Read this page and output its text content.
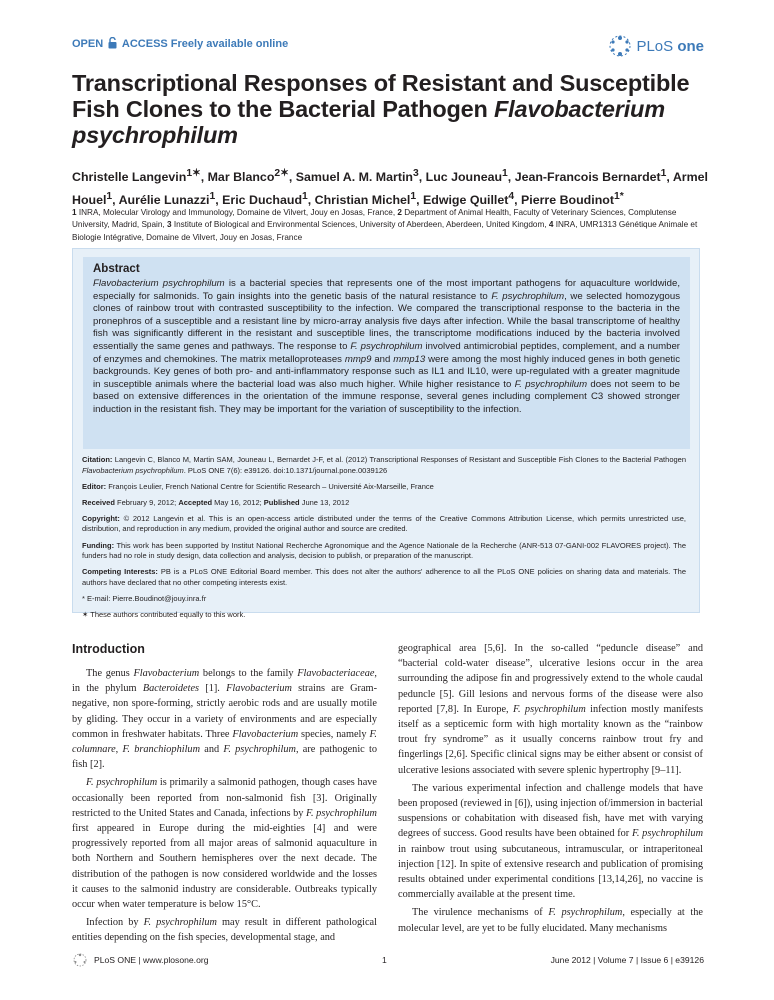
OPEN ACCESS Freely available online	PLoS one
Transcriptional Responses of Resistant and Susceptible Fish Clones to the Bacterial Pathogen Flavobacterium psychrophilum

Christelle Langevin$^{1✶}$, Mar Blanco$^{2✶}$, Samuel A. M. Martin$^3$, Luc Jouneau$^1$, Jean-Francois Bernardet$^1$, Armel Houel$^1$, Aurélie Lunazzi$^1$, Eric Duchaud$^1$, Christian Michel$^1$, Edwige Quillet$^4$, Pierre Boudinot$^{1*}$

1 INRA, Molecular Virology and Immunology, Domaine de Vilvert, Jouy en Josas, France, 2 Department of Animal Health, Faculty of Veterinary Sciences, Complutense University, Madrid, Spain, 3 Institute of Biological and Environmental Sciences, University of Aberdeen, Aberdeen, United Kingdom, 4 INRA, UMR1313 Génétique Animale et Biologie Intégrative, Domaine de Vilvert, Jouy en Josas, France

Abstract

Flavobacterium psychrophilum is a bacterial species that represents one of the most important pathogens for aquaculture worldwide, especially for salmonids. To gain insights into the genetic basis of the natural resistance to F. psychrophilum, we selected homozygous clones of rainbow trout with contrasted susceptibility to the infection. We compared the transcriptional response to the bacteria in the pronephros of a susceptible and a resistant line by micro-array analysis five days after infection. While the basal transcriptome of healthy fish was significantly different in the resistant and susceptible lines, the transcriptome modifications induced by the bacteria involved essentially the same genes and pathways. The response to F. psychrophilum involved antimicrobial peptides, complement, and a number of enzymes and chemokines. The matrix metalloproteases mmp9 and mmp13 were among the most highly induced genes in both genetic backgrounds. Key genes of both pro- and anti-inflammatory response such as IL1 and IL10, were up-regulated with a greater magnitude in susceptible animals where the bacterial load was also much higher. While higher resistance to F. psychrophilum does not seem to be based on extensive differences in the orientation of the immune response, several genes including complement C3 showed stronger induction in the resistant fish. They may be important for the variation of susceptibility to the infection.

Citation: Langevin C, Blanco M, Martin SAM, Jouneau L, Bernardet J-F, et al. (2012) Transcriptional Responses of Resistant and Susceptible Fish Clones to the Bacterial Pathogen Flavobacterium psychrophilum. PLoS ONE 7(6): e39126. doi:10.1371/journal.pone.0039126

Editor: François Leulier, French National Centre for Scientific Research – Université Aix-Marseille, France

Received February 9, 2012; Accepted May 16, 2012; Published June 13, 2012

Copyright: © 2012 Langevin et al. This is an open-access article distributed under the terms of the Creative Commons Attribution License, which permits unrestricted use, distribution, and reproduction in any medium, provided the original author and source are credited.

Funding: This work has been supported by Institut National Recherche Agronomique and the Agence Nationale de la Recherche (ANR-513 07-GANI-002 FLAVORES project). The funders had no role in study design, data collection and analysis, decision to publish, or preparation of the manuscript.

Competing Interests: PB is a PLoS ONE Editorial Board member. This does not alter the authors' adherence to all the PLoS ONE policies on sharing data and materials. The authors have declared that no other competing interests exist.

* E-mail: Pierre.Boudinot@jouy.inra.fr

✶ These authors contributed equally to this work.

Introduction

The genus Flavobacterium belongs to the family Flavobacteriaceae, in the phylum Bacteroidetes [1]. Flavobacterium strains are Gram-negative, non spore-forming, strictly aerobic rods and are usually motile by gliding. They occur in a variety of environments and are especially common in freshwater habitats. Three Flavobacterium species, namely F. columnare, F. branchiophilum and F. psychrophilum, are pathogenic to fish [2].

F. psychrophilum is primarily a salmonid pathogen, though cases have occasionally been reported from non-salmonid fish [3]. Originally restricted to the United States and Canada, infections by F. psychrophilum first appeared in Europe during the mid-eighties [4] and were progressively reported from all major areas of salmonid aquaculture in both Northern and Southern hemispheres over the next decade. The distribution of the pathogen is now considered worldwide and the losses it causes to the salmonid industry are considerable. Outbreaks typically occur when water temperature is below 15°C.

Infection by F. psychrophilum may result in different pathological entities depending on the fish species, developmental stage, and

geographical area [5,6]. In the so-called “peduncle disease” and “bacterial cold-water disease”, ulcerative lesions occur in the area surrounding the adipose fin and progressively extend to the whole caudal peduncle [5]. Gill lesions and nervous forms of the disease were also reported [7,8]. In Europe, F. psychrophilum infection mostly manifests itself as a septicemic form with high mortality known as the “rainbow trout fry syndrome” as it usually concerns rainbow trout fry and fingerlings [2,6]. Specific clinical signs may be either absent or consist of ulcerative lesions associated with severe splenic hypertrophy [9–11].

The various experimental infection and challenge models that have been proposed (reviewed in [6]), using injection of/immersion in bacterial suspensions or cohabitation with diseased fish, have met with varying degrees of success. Good results have been obtained for F. psychrophilum in rainbow trout using subcutaneous, intramuscular, or intraperitoneal injection [12]. In spite of extensive research and publication of promising results obtained under experimental conditions [13,14,26], no vaccine is commercially available at the present time.

The virulence mechanisms of F. psychrophilum, especially at the molecular level, are yet to be fully elucidated. Many mechanisms

PLoS ONE | www.plosone.org	1	June 2012 | Volume 7 | Issue 6 | e39126
